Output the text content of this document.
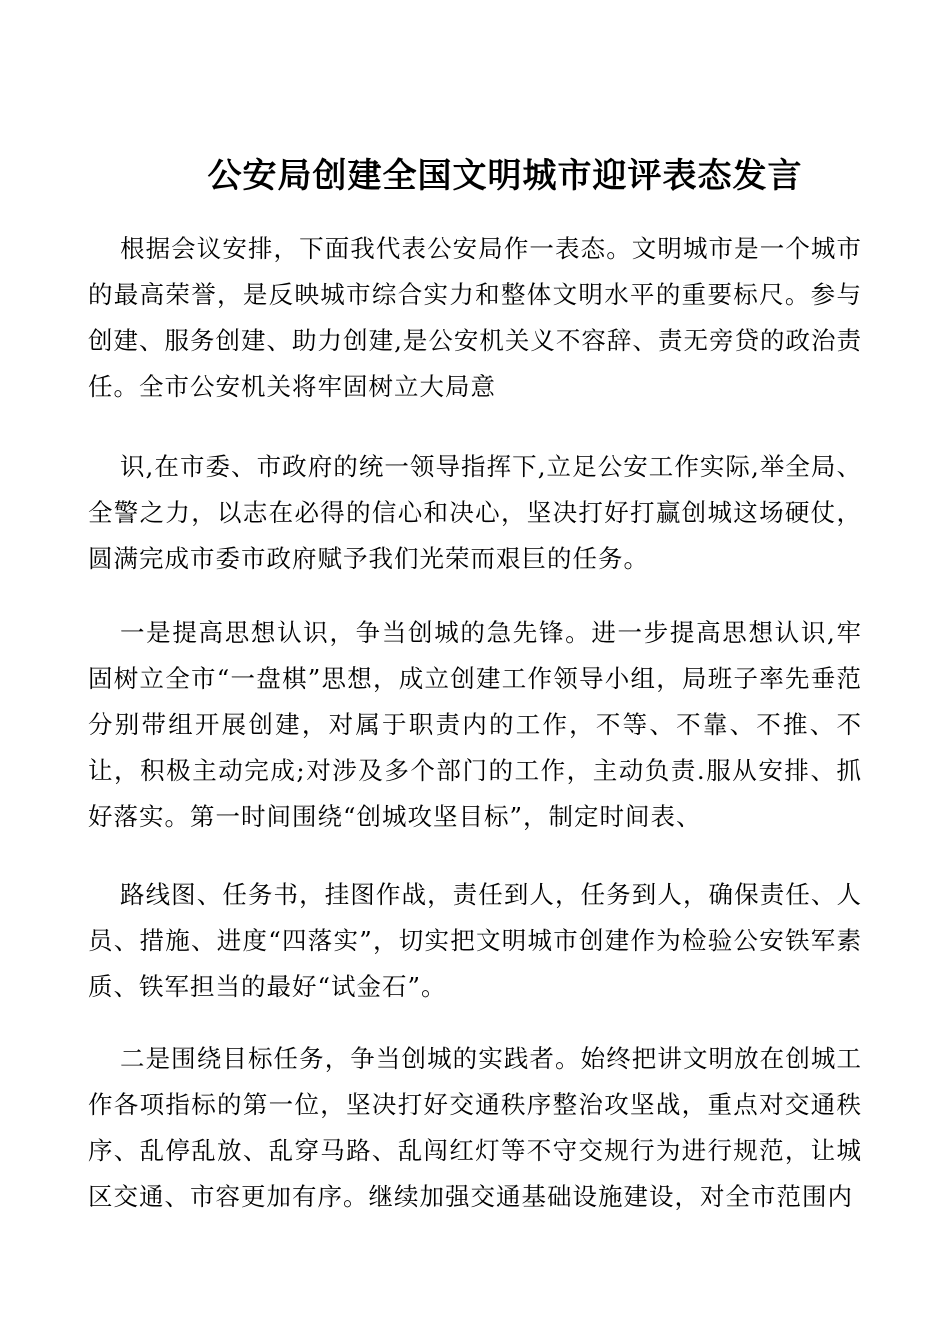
公安局创建全国文明城市迎评表态发言

根据会议安排，下面我代表公安局作一表态。文明城市是一个城市的最高荣誉，是反映城市综合实力和整体文明水平的重要标尺。参与创建、服务创建、助力创建,是公安机关义不容辞、责无旁贷的政治责任。全市公安机关将牢固树立大局意

识,在市委、市政府的统一领导指挥下,立足公安工作实际,举全局、全警之力，以志在必得的信心和决心，坚决打好打赢创城这场硬仗，圆满完成市委市政府赋予我们光荣而艰巨的任务。

一是提高思想认识，争当创城的急先锋。进一步提高思想认识,牢固树立全市“一盘棋”思想，成立创建工作领导小组，局班子率先垂范分别带组开展创建，对属于职责内的工作，不等、不靠、不推、不让，积极主动完成;对涉及多个部门的工作，主动负责.服从安排、抓好落实。第一时间围绕“创城攻坚目标”，制定时间表、

路线图、任务书，挂图作战，责任到人，任务到人，确保责任、人员、措施、进度“四落实”，切实把文明城市创建作为检验公安铁军素质、铁军担当的最好“试金石”。

二是围绕目标任务，争当创城的实践者。始终把讲文明放在创城工作各项指标的第一位，坚决打好交通秩序整治攻坚战，重点对交通秩序、乱停乱放、乱穿马路、乱闯红灯等不守交规行为进行规范，让城区交通、市容更加有序。继续加强交通基础设施建设，对全市范围内
